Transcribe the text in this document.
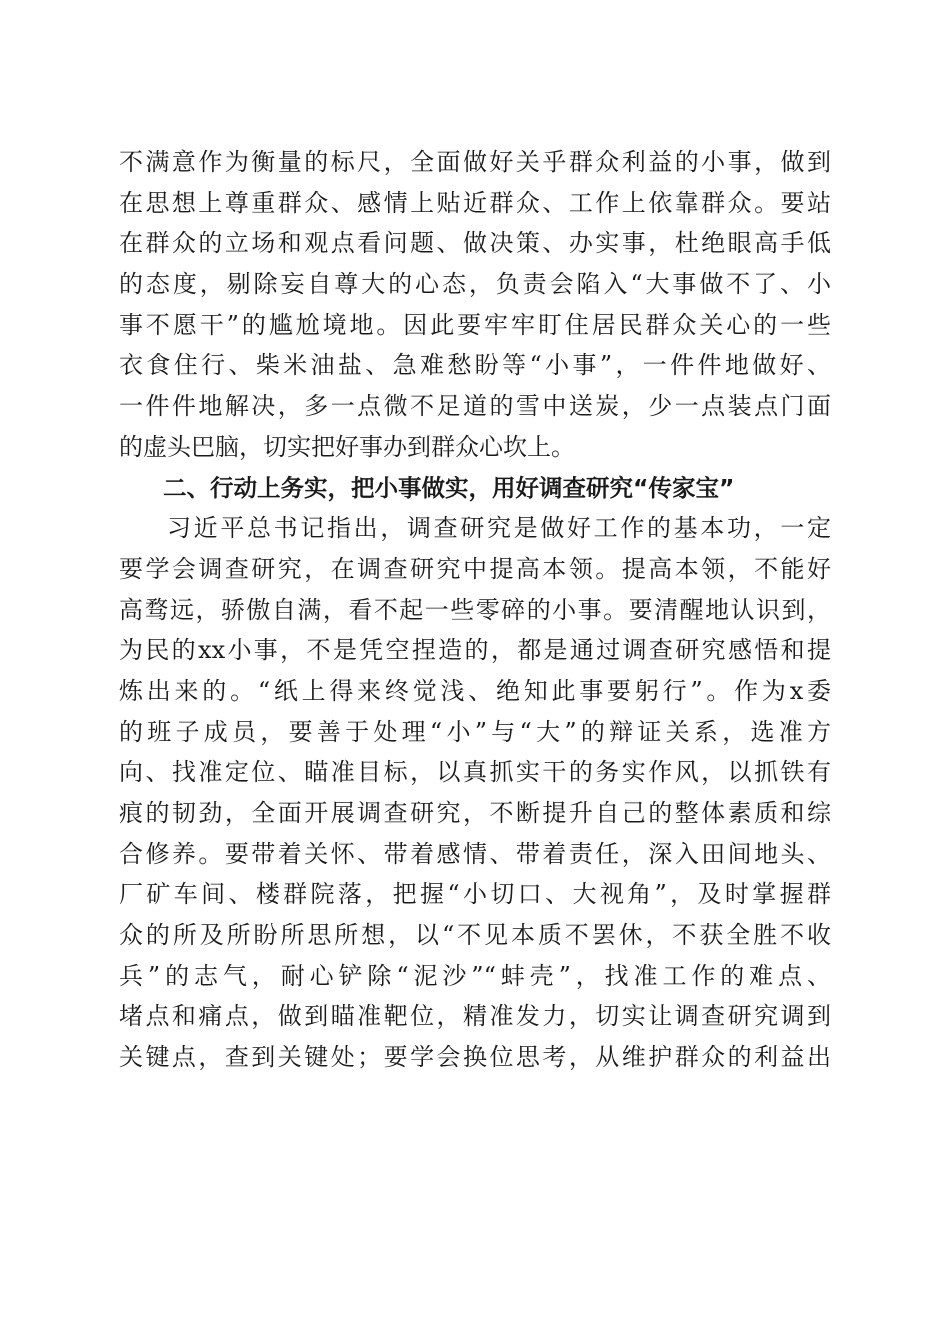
不满意作为衡量的标尺，全面做好关乎群众利益的小事，做到
在思想上尊重群众、感情上贴近群众、工作上依靠群众。要站
在群众的立场和观点看问题、做决策、办实事，杜绝眼高手低
的态度，剔除妄自尊大的心态，负责会陷入“大事做不了、小
事不愿干”的尴尬境地。因此要牢牢盯住居民群众关心的一些
衣食住行、柴米油盐、急难愁盼等“小事”，一件件地做好、
一件件地解决，多一点微不足道的雪中送炭，少一点装点门面
的虚头巴脑，切实把好事办到群众心坎上。
二、行动上务实，把小事做实，用好调查研究“传家宝”
习近平总书记指出，调查研究是做好工作的基本功，一定
要学会调查研究，在调查研究中提高本领。提高本领，不能好
高骛远，骄傲自满，看不起一些零碎的小事。要清醒地认识到，
为民的xx小事，不是凭空捏造的，都是通过调查研究感悟和提
炼出来的。“纸上得来终觉浅、绝知此事要躬行”。作为x委
的班子成员，要善于处理“小”与“大”的辩证关系，选准方
向、找准定位、瞄准目标，以真抓实干的务实作风，以抓铁有
痕的韧劲，全面开展调查研究，不断提升自己的整体素质和综
合修养。要带着关怀、带着感情、带着责任，深入田间地头、
厂矿车间、楼群院落，把握“小切口、大视角”，及时掌握群
众的所及所盼所思所想，以“不见本质不罢休，不获全胜不收
兵”的志气，耐心铲除“泥沙”“蚌壳”，找准工作的难点、
堵点和痛点，做到瞄准靶位，精准发力，切实让调查研究调到
关键点，查到关键处；要学会换位思考，从维护群众的利益出
